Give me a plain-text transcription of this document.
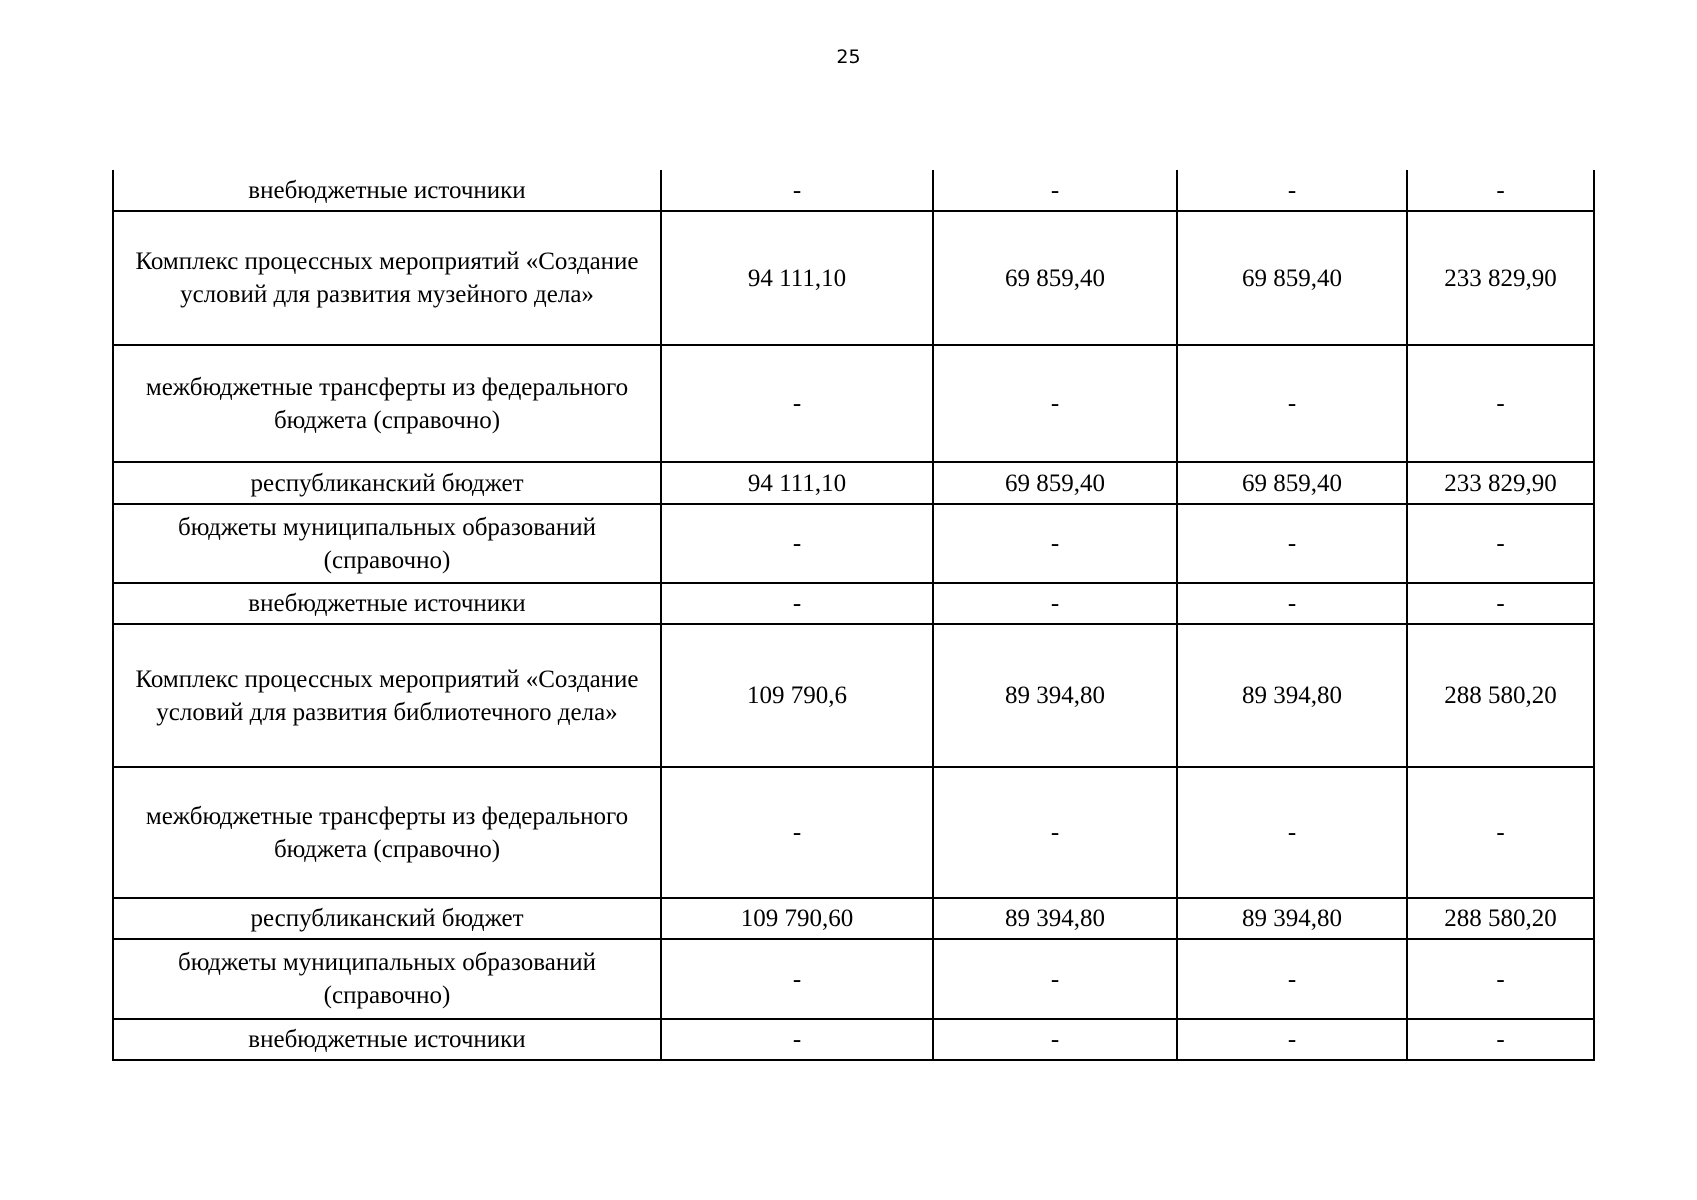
25
внебюджетные источники	-	-	-	-
Комплекс процессных мероприятий «Создание условий для развития музейного дела»	94 111,10	69 859,40	69 859,40	233 829,90
межбюджетные трансферты из федерального бюджета (справочно)	-	-	-	-
республиканский бюджет	94 111,10	69 859,40	69 859,40	233 829,90
бюджеты муниципальных образований (справочно)	-	-	-	-
внебюджетные источники	-	-	-	-
Комплекс процессных мероприятий «Создание условий для развития библиотечного дела»	109 790,6	89 394,80	89 394,80	288 580,20
межбюджетные трансферты из федерального бюджета (справочно)	-	-	-	-
республиканский бюджет	109 790,60	89 394,80	89 394,80	288 580,20
бюджеты муниципальных образований (справочно)	-	-	-	-
внебюджетные источники	-	-	-	-
